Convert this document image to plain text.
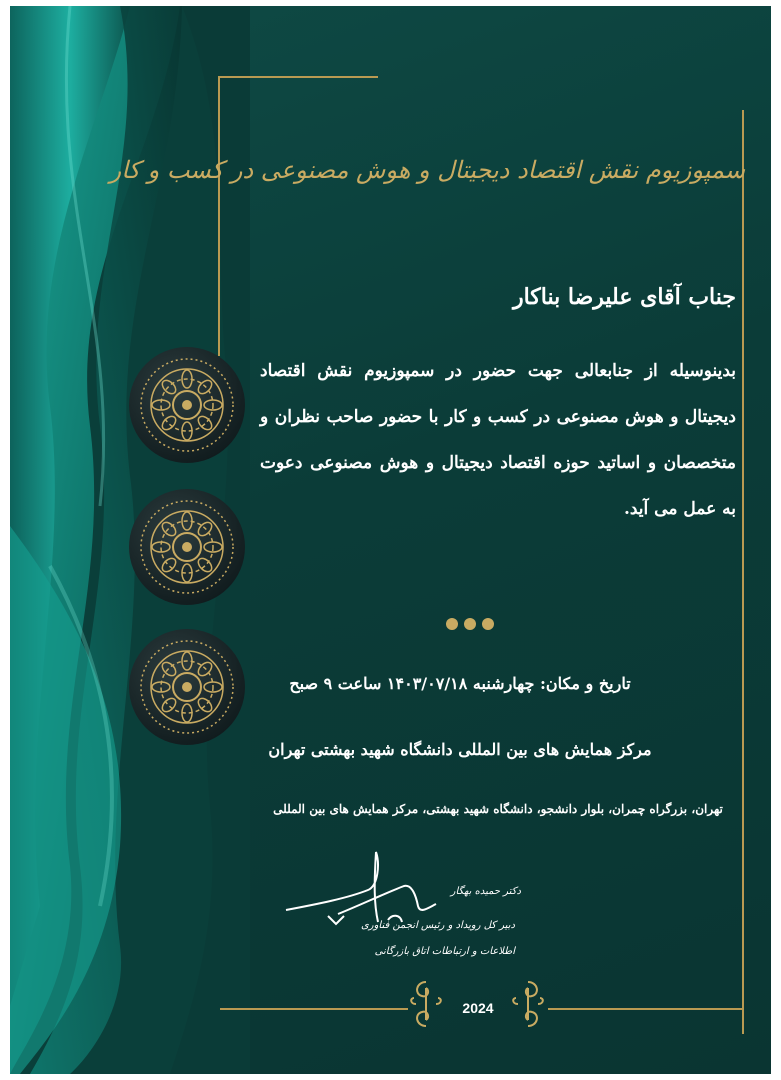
سمپوزیوم نقش اقتصاد دیجیتال و هوش مصنوعی در کسب و کار
جناب آقای علیرضا بناکار
بدینوسیله از جنابعالی جهت حضور در سمپوزیوم نقش اقتصاد دیجیتال و هوش مصنوعی در کسب و کار با حضور صاحب نظران و متخصصان و اساتید حوزه اقتصاد دیجیتال و هوش مصنوعی دعوت به عمل می آید.
تاریخ و مکان: چهارشنبه ۱۴۰۳/۰۷/۱۸ ساعت ۹ صبح
مرکز همایش های بین المللی دانشگاه شهید بهشتی تهران
تهران، بزرگراه چمران، بلوار دانشجو، دانشگاه شهید بهشتی، مرکز همایش های بین المللی
دکتر حمیده بهگار
دبیر کل رویداد و رئیس انجمن فناوری
اطلاعات و ارتباطات اتاق بازرگانی
2024
